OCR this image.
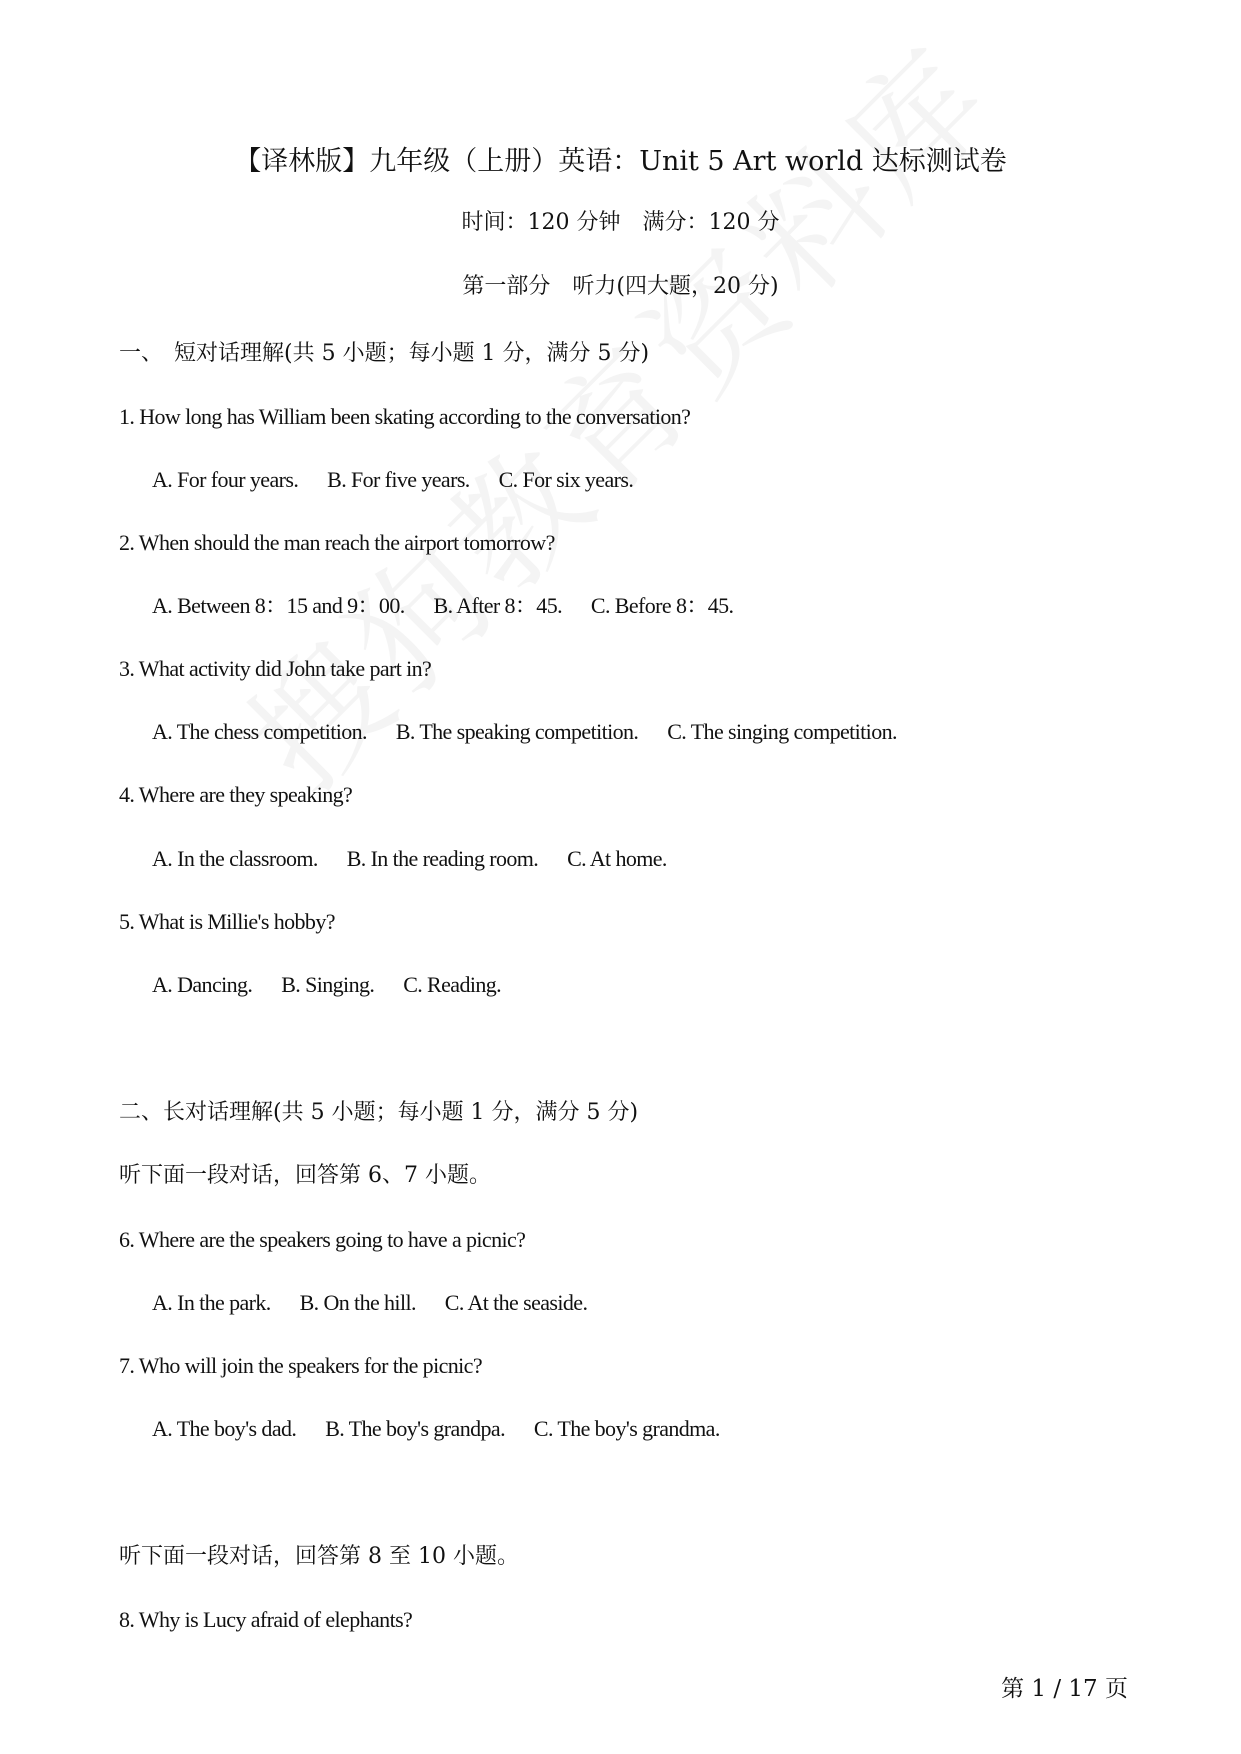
【译林版】九年级（上册）英语：Unit 5 Art world 达标测试卷
时间：120 分钟　满分：120 分
第一部分　听力(四大题，20 分)
一、　短对话理解(共 5 小题；每小题 1 分，满分 5 分)
1. How long has William been skating according to the conversation?
A. For four years. B. For five years. C. For six years.
2. When should the man reach the airport tomorrow?
A. Between 8：15 and 9：00. B. After 8：45. C. Before 8：45.
3. What activity did John take part in?
A. The chess competition. B. The speaking competition. C. The singing competition.
4. Where are they speaking?
A. In the classroom. B. In the reading room. C. At home.
5. What is Millie's hobby?
A. Dancing. B. Singing. C. Reading.
二、长对话理解(共 5 小题；每小题 1 分，满分 5 分)
听下面一段对话，回答第 6、7 小题。
6. Where are the speakers going to have a picnic?
A. In the park. B. On the hill. C. At the seaside.
7. Who will join the speakers for the picnic?
A. The boy's dad. B. The boy's grandpa. C. The boy's grandma.
听下面一段对话，回答第 8 至 10 小题。
8. Why is Lucy afraid of elephants?
第 1 / 17 页
